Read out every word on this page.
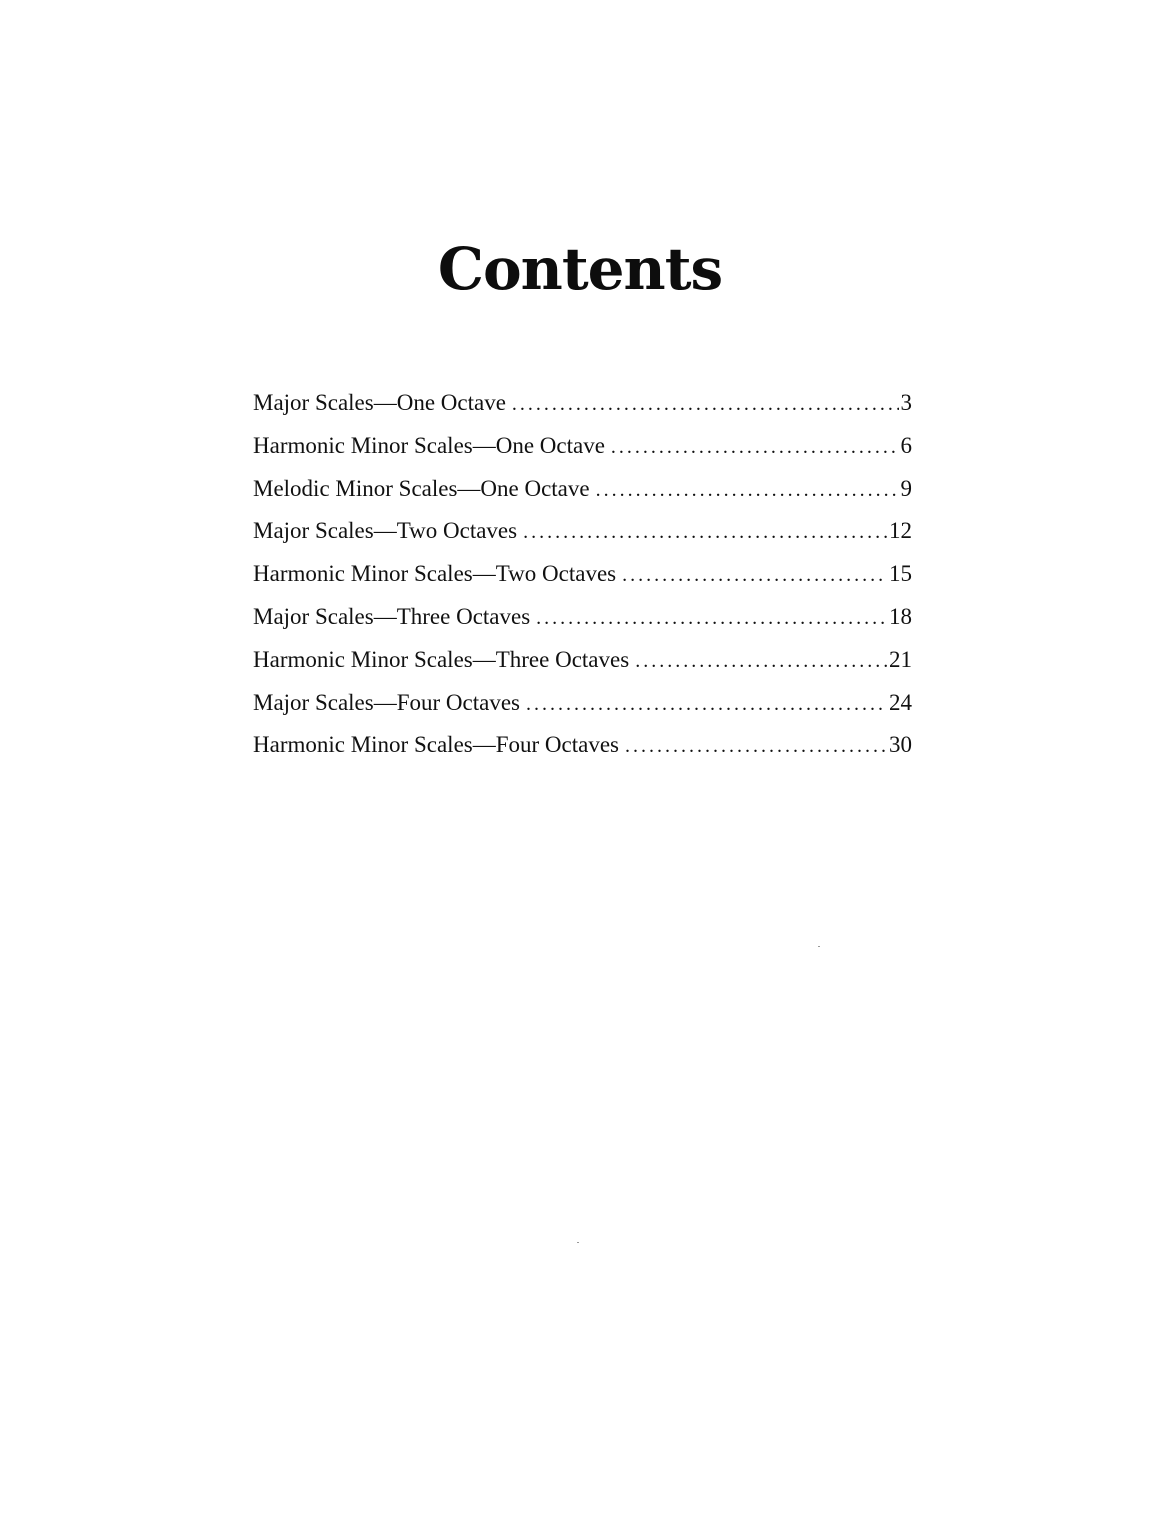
Contents
Major Scales—One Octave . . .	3
Harmonic Minor Scales—One Octave . . .	6
Melodic Minor Scales—One Octave . . .	9
Major Scales—Two Octaves . . .	12
Harmonic Minor Scales—Two Octaves . . .	15
Major Scales—Three Octaves . . .	18
Harmonic Minor Scales—Three Octaves . . .	21
Major Scales—Four Octaves . . .	24
Harmonic Minor Scales—Four Octaves . . .	30
